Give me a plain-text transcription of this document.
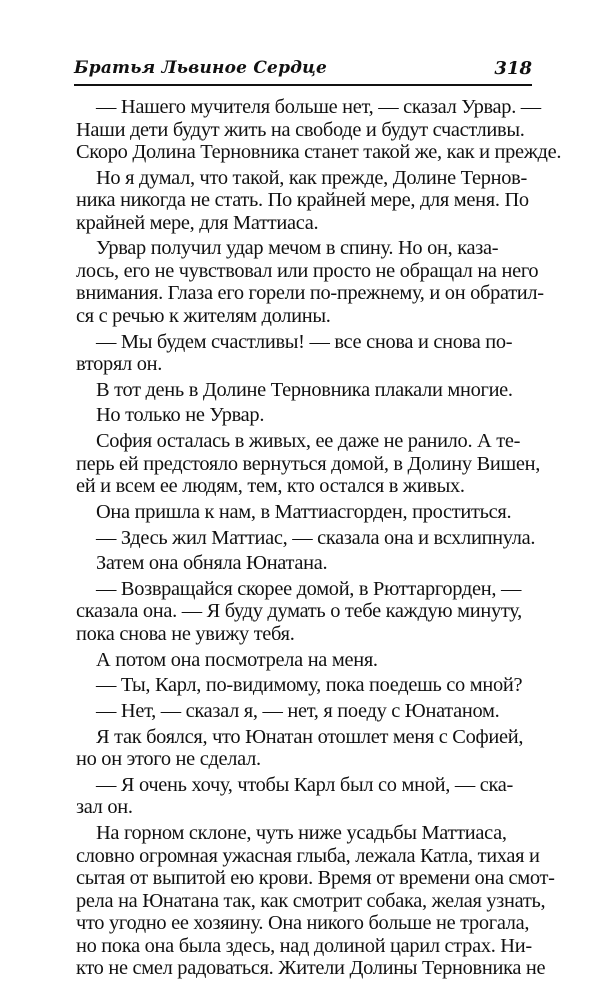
Братья Львиное Сердце	318

— Нашего мучителя больше нет, — сказал Урвар. —
Наши дети будут жить на свободе и будут счастливы.
Скоро Долина Терновника станет такой же, как и прежде.

Но я думал, что такой, как прежде, Долине Тернов-
ника никогда не стать. По крайней мере, для меня. По
крайней мере, для Маттиаса.

Урвар получил удар мечом в спину. Но он, каза-
лось, его не чувствовал или просто не обращал на него
внимания. Глаза его горели по-прежнему, и он обратил-
ся с речью к жителям долины.

— Мы будем счастливы! — все снова и снова по-
вторял он.

В тот день в Долине Терновника плакали многие.

Но только не Урвар.

София осталась в живых, ее даже не ранило. А те-
перь ей предстояло вернуться домой, в Долину Вишен,
ей и всем ее людям, тем, кто остался в живых.

Она пришла к нам, в Маттиасгорден, проститься.

— Здесь жил Маттиас, — сказала она и всхлипнула.

Затем она обняла Юнатана.

— Возвращайся скорее домой, в Рюттаргорден, —
сказала она. — Я буду думать о тебе каждую минуту,
пока снова не увижу тебя.

А потом она посмотрела на меня.

— Ты, Карл, по-видимому, пока поедешь со мной?

— Нет, — сказал я, — нет, я поеду с Юнатаном.

Я так боялся, что Юнатан отошлет меня с Софией,
но он этого не сделал.

— Я очень хочу, чтобы Карл был со мной, — ска-
зал он.

На горном склоне, чуть ниже усадьбы Маттиаса,
словно огромная ужасная глыба, лежала Катла, тихая и
сытая от выпитой ею крови. Время от времени она смот-
рела на Юнатана так, как смотрит собака, желая узнать,
что угодно ее хозяину. Она никого больше не трогала,
но пока она была здесь, над долиной царил страх. Ни-
кто не смел радоваться. Жители Долины Терновника не
